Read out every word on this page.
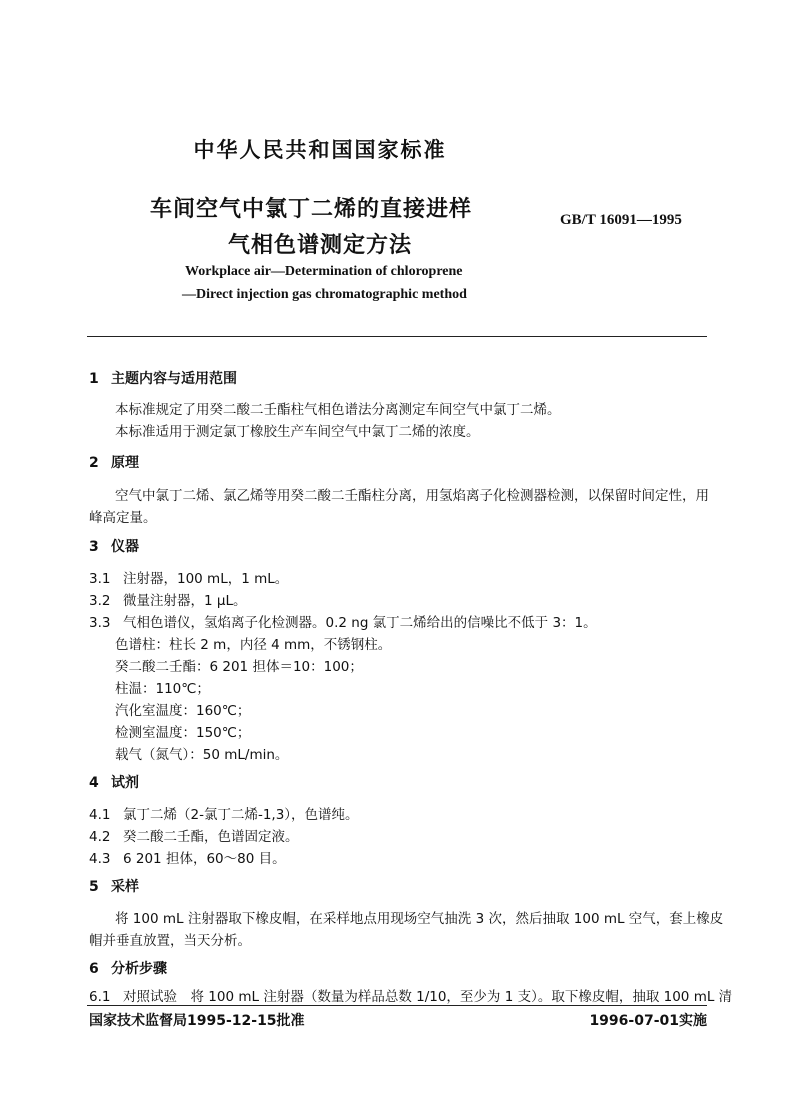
中华人民共和国国家标准
车间空气中氯丁二烯的直接进样
气相色谱测定方法
GB/T 16091—1995
Workplace air—Determination of chloroprene
—Direct injection gas chromatographic method
1 主题内容与适用范围
本标准规定了用癸二酸二壬酯柱气相色谱法分离测定车间空气中氯丁二烯。
本标准适用于测定氯丁橡胶生产车间空气中氯丁二烯的浓度。
2 原理
空气中氯丁二烯、氯乙烯等用癸二酸二壬酯柱分离，用氢焰离子化检测器检测，以保留时间定性，用
峰高定量。
3 仪器
3.1 注射器，100 mL，1 mL。
3.2 微量注射器，1 μL。
3.3 气相色谱仪，氢焰离子化检测器。0.2 ng 氯丁二烯给出的信噪比不低于 3：1。
色谱柱：柱长 2 m，内径 4 mm，不锈钢柱。
癸二酸二壬酯：6 201 担体＝10：100；
柱温：110℃；
汽化室温度：160℃；
检测室温度：150℃；
载气（氮气）：50 mL/min。
4 试剂
4.1 氯丁二烯（2-氯丁二烯-1,3），色谱纯。
4.2 癸二酸二壬酯，色谱固定液。
4.3 6 201 担体，60～80 目。
5 采样
将 100 mL 注射器取下橡皮帽，在采样地点用现场空气抽洗 3 次，然后抽取 100 mL 空气，套上橡皮
帽并垂直放置，当天分析。
6 分析步骤
6.1 对照试验　将 100 mL 注射器（数量为样品总数 1/10，至少为 1 支）。取下橡皮帽，抽取 100 mL 清
国家技术监督局1995-12-15批准	1996-07-01实施
